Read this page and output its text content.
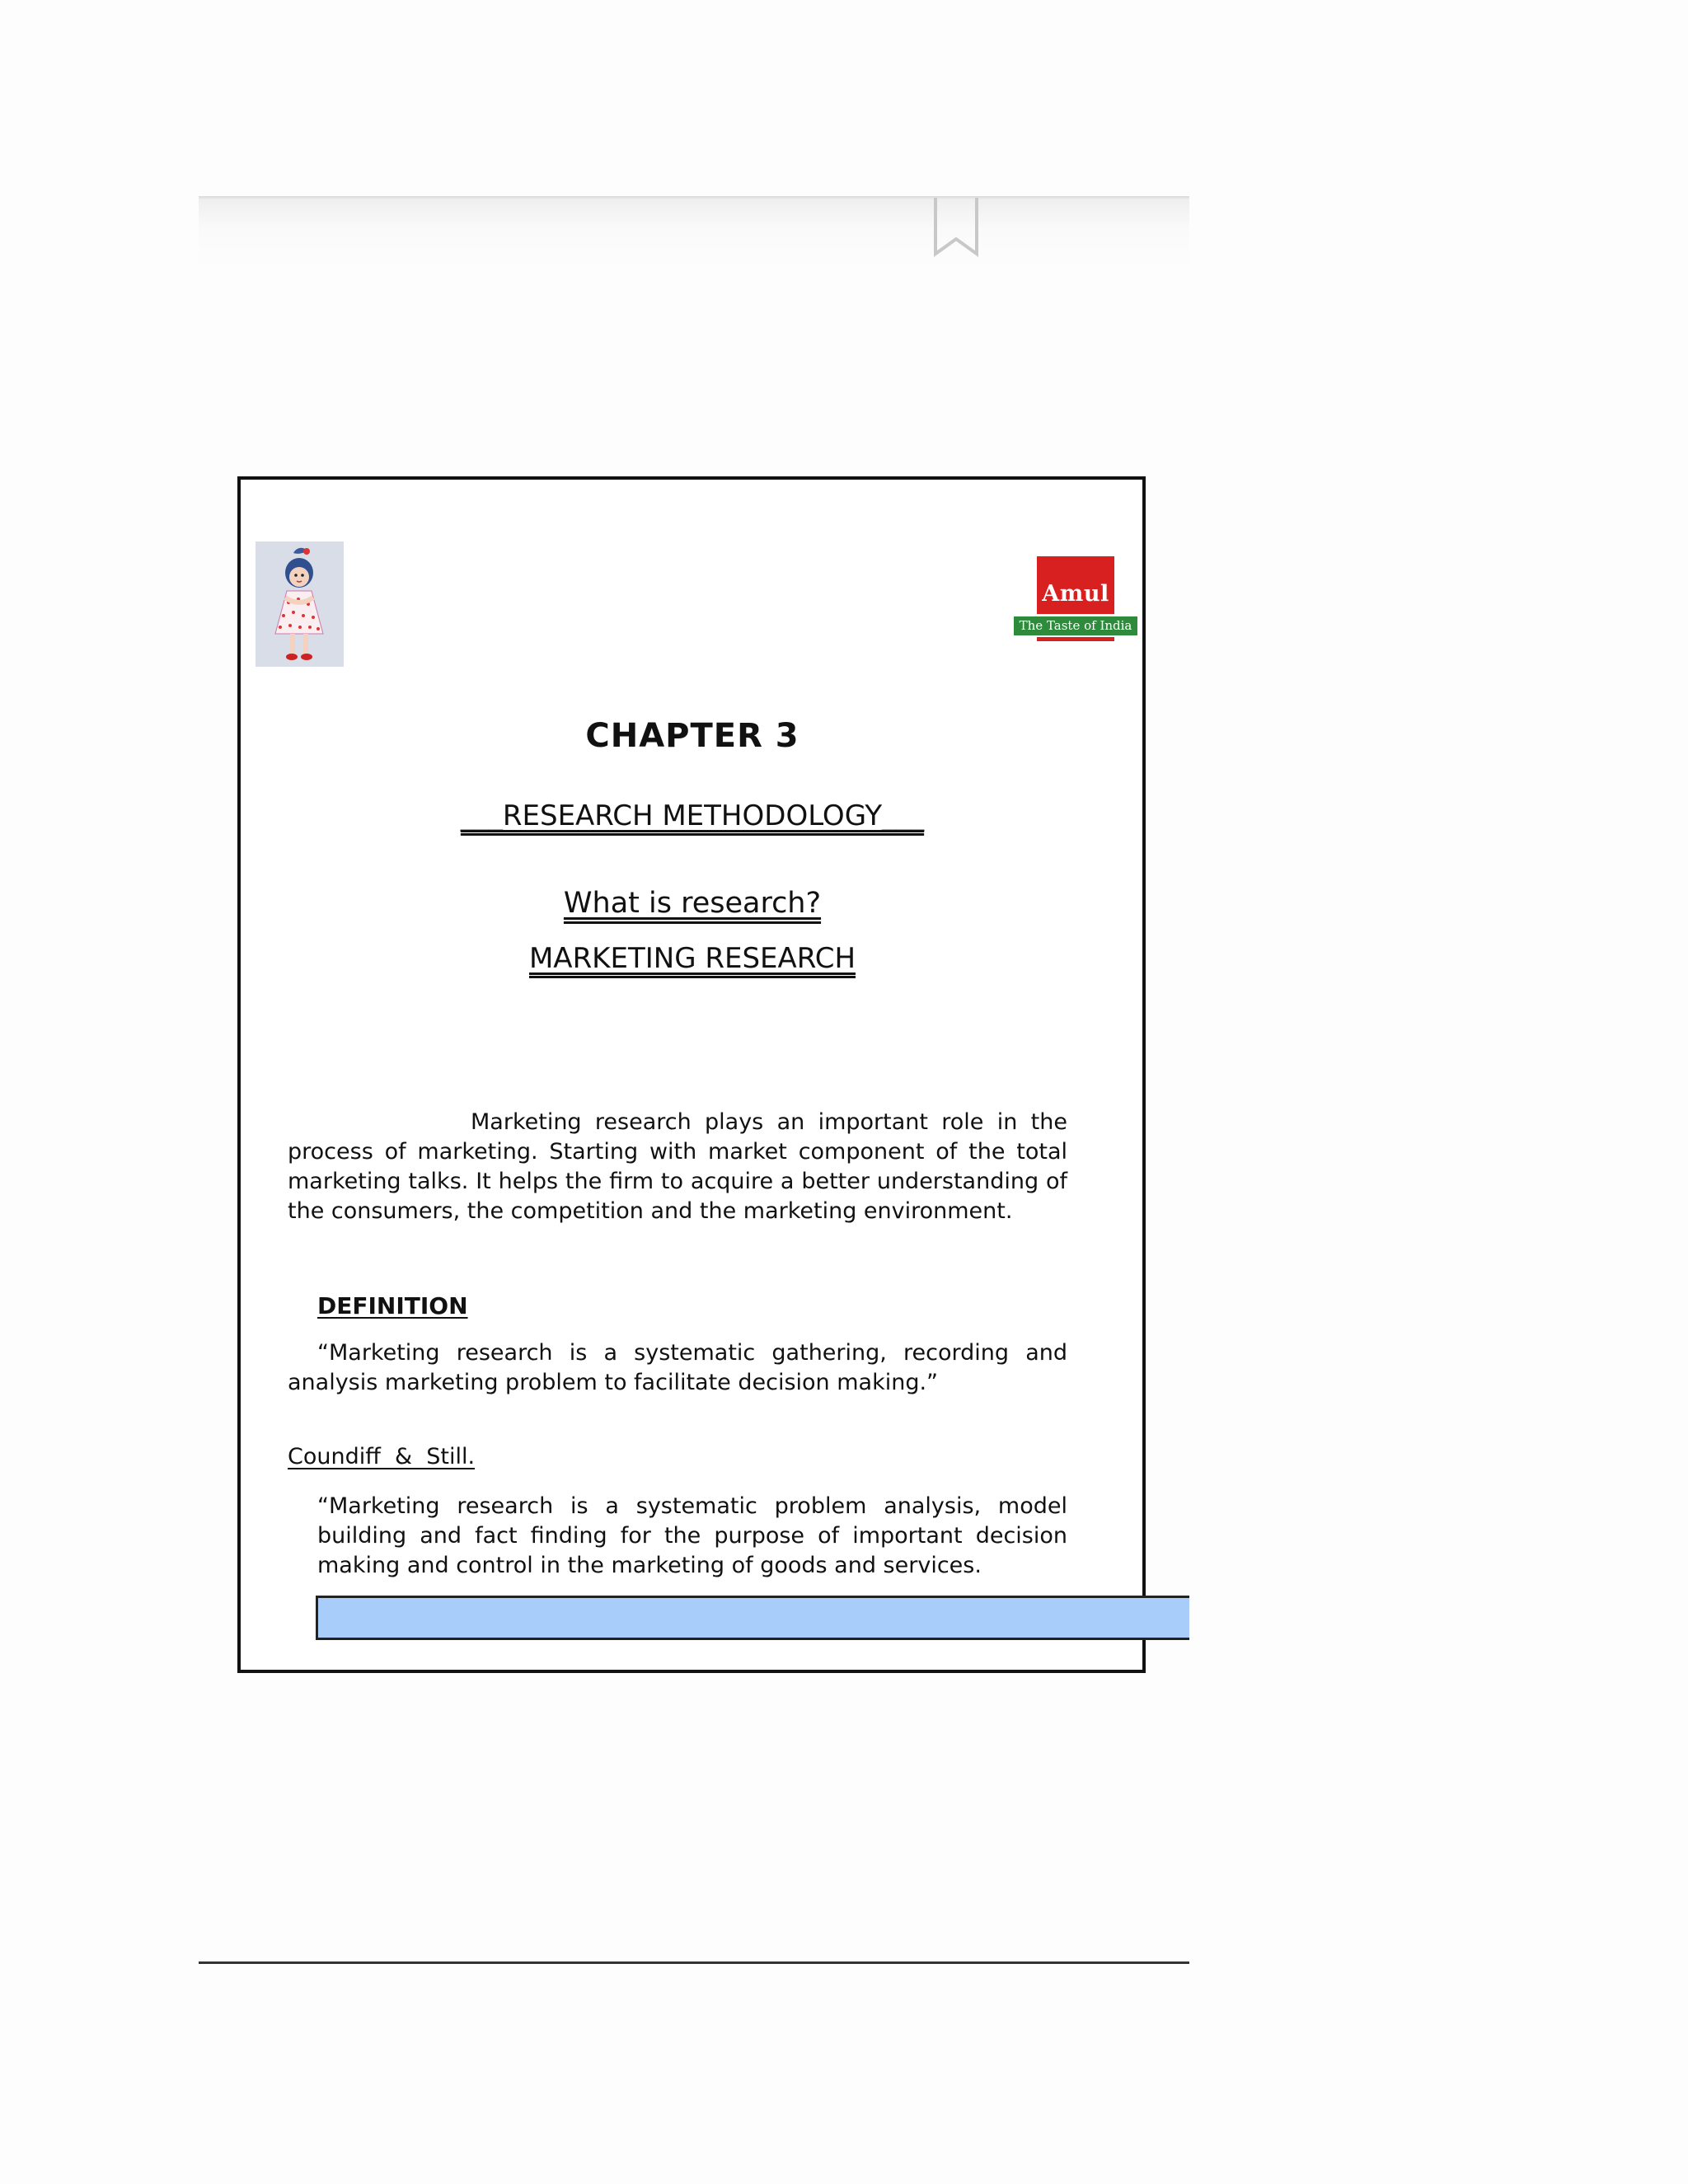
Amul
The Taste of India
CHAPTER 3
___RESEARCH METHODOLOGY___
What is research?
MARKETING RESEARCH

Marketing research plays an important role in the process of marketing. Starting with market component of the total marketing talks. It helps the firm to acquire a better understanding of the consumers, the competition and the marketing environment.

DEFINITION

“Marketing research is a systematic gathering, recording and analysis marketing problem to facilitate decision making.”

Coundiff  &  Still.

“Marketing research is a systematic problem analysis, model building and fact finding for the purpose of important decision making and control in the marketing of goods and services.
